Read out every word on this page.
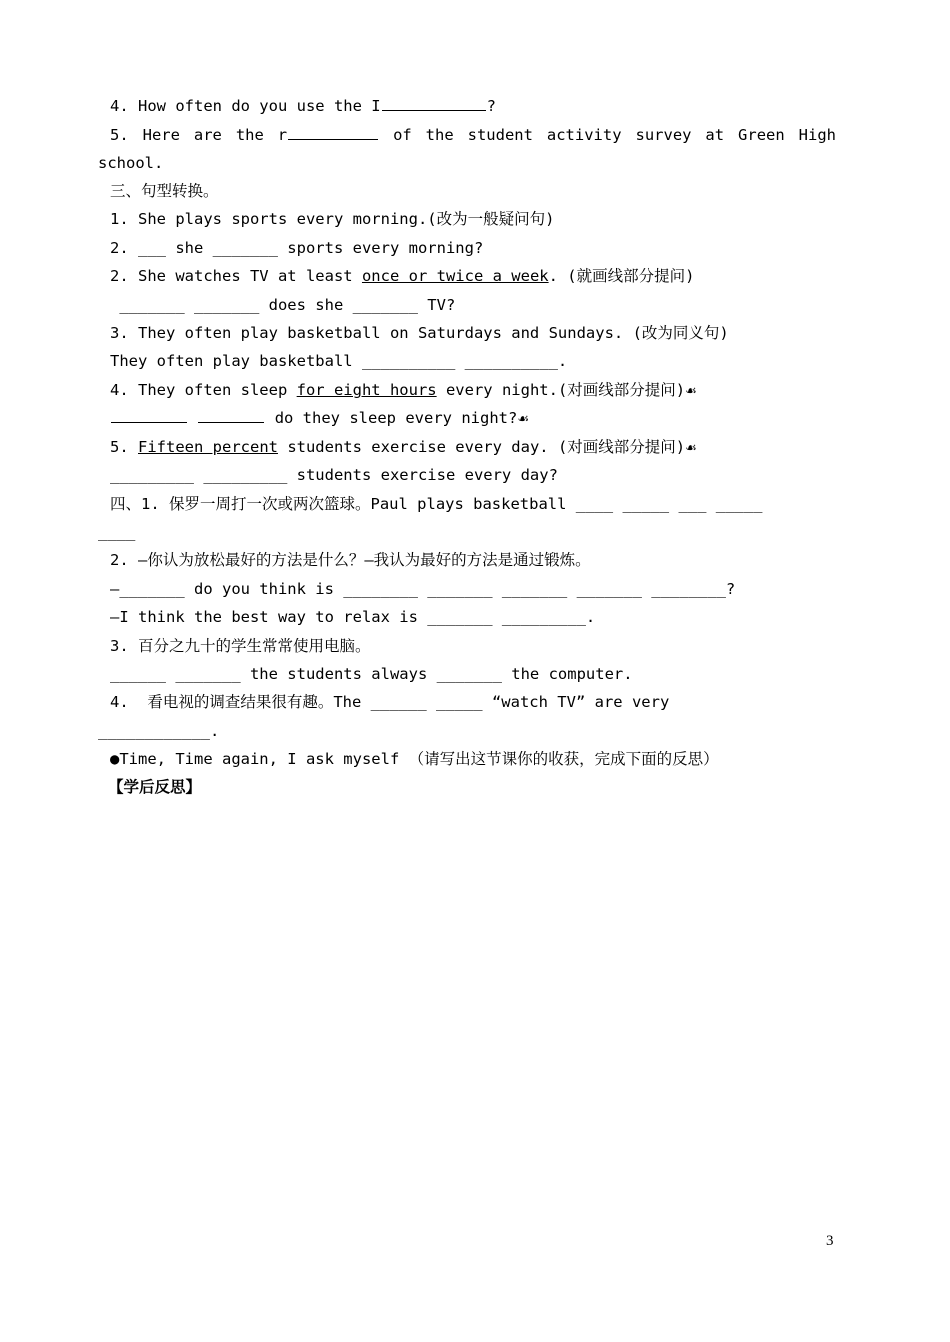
4. How often do you use the I	?
5. Here are the r	of the student activity survey at Green High
school.
三、句型转换。
1. She plays sports every morning.(改为一般疑问句)
2. ___ she _______ sports every morning?
2. She watches TV at least once or twice a week. (就画线部分提问)
_______ _______ does she _______ TV?
3. They often play basketball on Saturdays and Sundays. (改为同义句)
They often play basketball __________ __________.
4. They often sleep for eight hours every night.(对画线部分提问)☙
do they sleep every night?☙
5. Fifteen percent students exercise every day. (对画线部分提问)☙
_________ _________ students exercise every day?
四、1. 保罗一周打一次或两次篮球。Paul plays basketball ____ _____ ___ _____
____
2. —你认为放松最好的方法是什么？—我认为最好的方法是通过锻炼。
—_______ do you think is ________ _______ _______ _______ ________?
—I think the best way to relax is _______ _________.
3. 百分之九十的学生常常使用电脑。
______ _______ the students always _______ the computer.
4.  看电视的调查结果很有趣。The ______ _____ “watch TV” are very
____________.
●Time, Time again, I ask myself （请写出这节课你的收获，完成下面的反思）
【学后反思】
3
